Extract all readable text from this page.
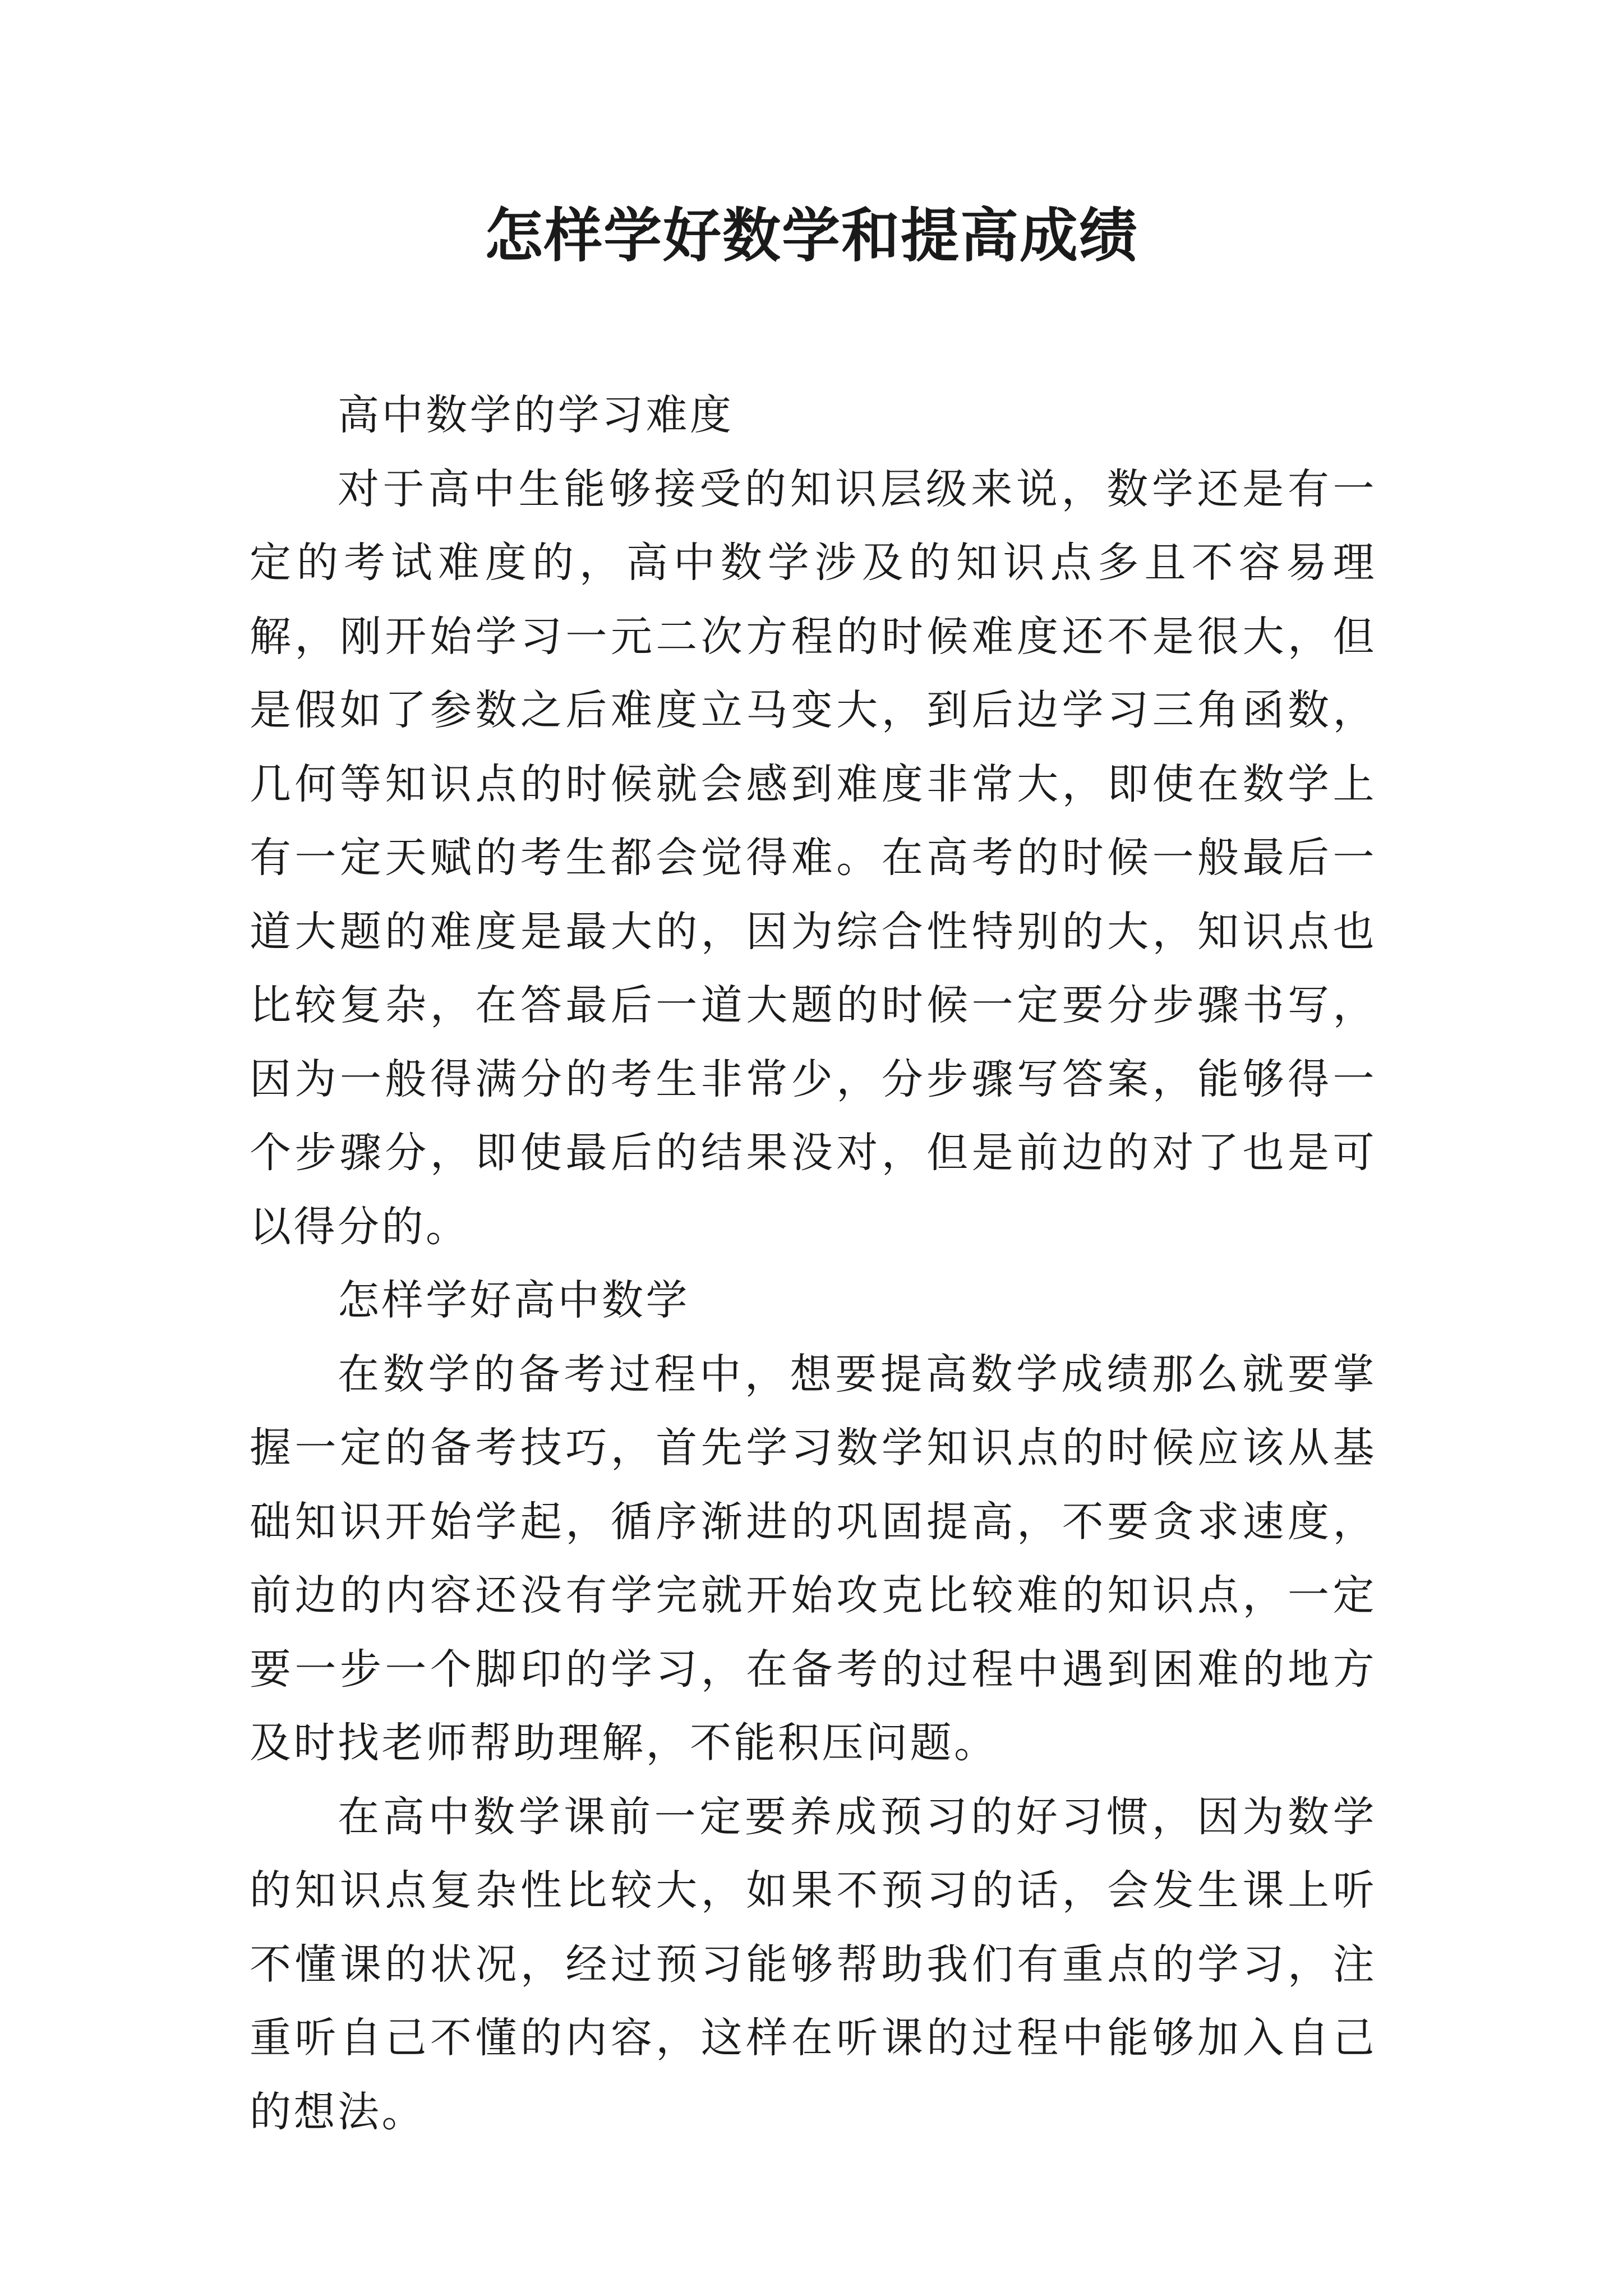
怎样学好数学和提高成绩

高中数学的学习难度

对于高中生能够接受的知识层级来说，数学还是有一定的考试难度的，高中数学涉及的知识点多且不容易理解，刚开始学习一元二次方程的时候难度还不是很大，但是假如了参数之后难度立马变大，到后边学习三角函数，几何等知识点的时候就会感到难度非常大，即使在数学上有一定天赋的考生都会觉得难。在高考的时候一般最后一道大题的难度是最大的，因为综合性特别的大，知识点也比较复杂，在答最后一道大题的时候一定要分步骤书写，因为一般得满分的考生非常少，分步骤写答案，能够得一个步骤分，即使最后的结果没对，但是前边的对了也是可以得分的。

怎样学好高中数学

在数学的备考过程中，想要提高数学成绩那么就要掌握一定的备考技巧，首先学习数学知识点的时候应该从基础知识开始学起，循序渐进的巩固提高，不要贪求速度，前边的内容还没有学完就开始攻克比较难的知识点，一定要一步一个脚印的学习，在备考的过程中遇到困难的地方及时找老师帮助理解，不能积压问题。

在高中数学课前一定要养成预习的好习惯，因为数学的知识点复杂性比较大，如果不预习的话，会发生课上听不懂课的状况，经过预习能够帮助我们有重点的学习，注重听自己不懂的内容，这样在听课的过程中能够加入自己的想法。
